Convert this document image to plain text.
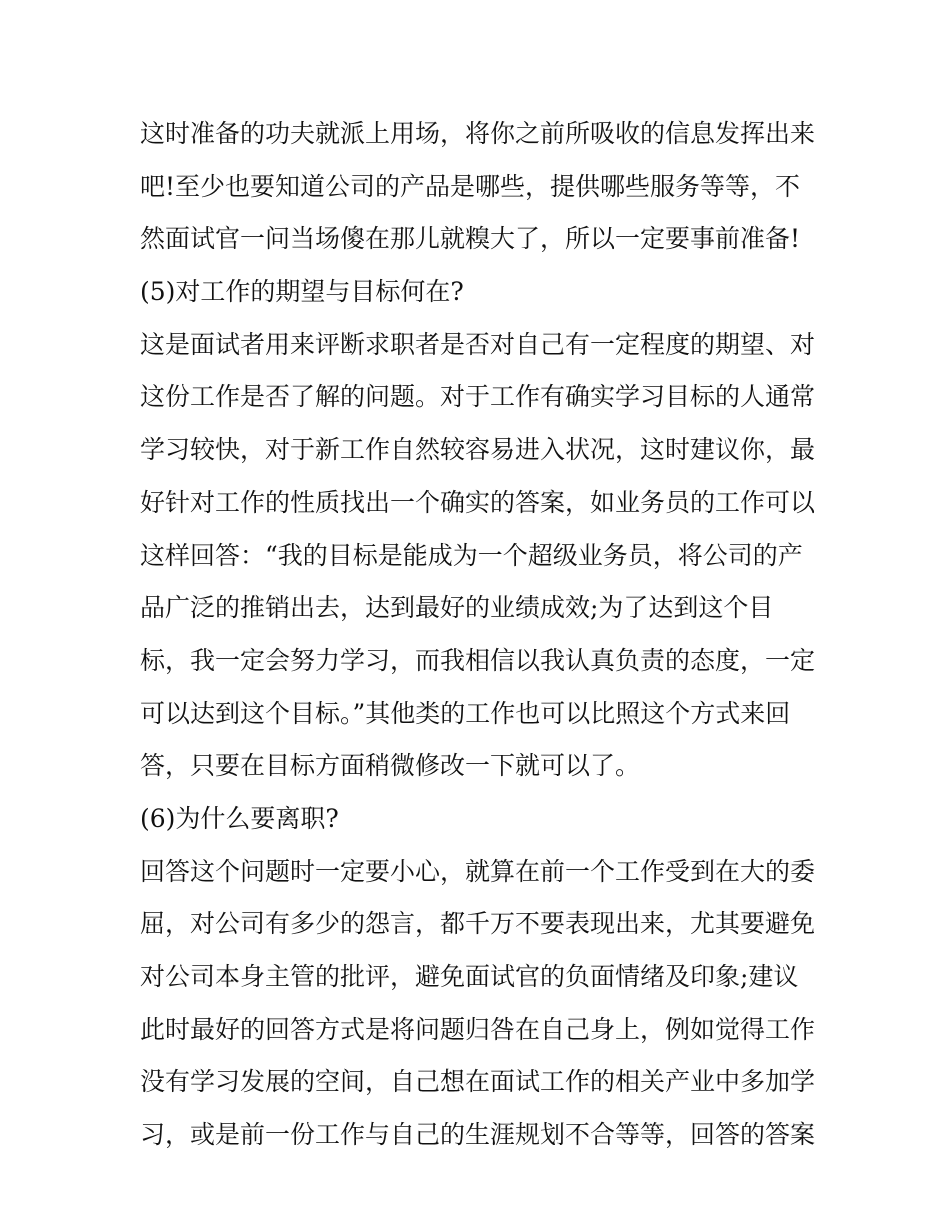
这时准备的功夫就派上用场，将你之前所吸收的信息发挥出来
吧!至少也要知道公司的产品是哪些，提供哪些服务等等，不
然面试官一问当场傻在那儿就糗大了，所以一定要事前准备!
(5)对工作的期望与目标何在?
这是面试者用来评断求职者是否对自己有一定程度的期望、对
这份工作是否了解的问题。对于工作有确实学习目标的人通常
学习较快，对于新工作自然较容易进入状况，这时建议你，最
好针对工作的性质找出一个确实的答案，如业务员的工作可以
这样回答：“我的目标是能成为一个超级业务员，将公司的产
品广泛的推销出去，达到最好的业绩成效;为了达到这个目
标，我一定会努力学习，而我相信以我认真负责的态度，一定
可以达到这个目标。”其他类的工作也可以比照这个方式来回
答，只要在目标方面稍微修改一下就可以了。
(6)为什么要离职?
回答这个问题时一定要小心，就算在前一个工作受到在大的委
屈，对公司有多少的怨言，都千万不要表现出来，尤其要避免
对公司本身主管的批评，避免面试官的负面情绪及印象;建议
此时最好的回答方式是将问题归咎在自己身上，例如觉得工作
没有学习发展的空间，自己想在面试工作的相关产业中多加学
习，或是前一份工作与自己的生涯规划不合等等，回答的答案
